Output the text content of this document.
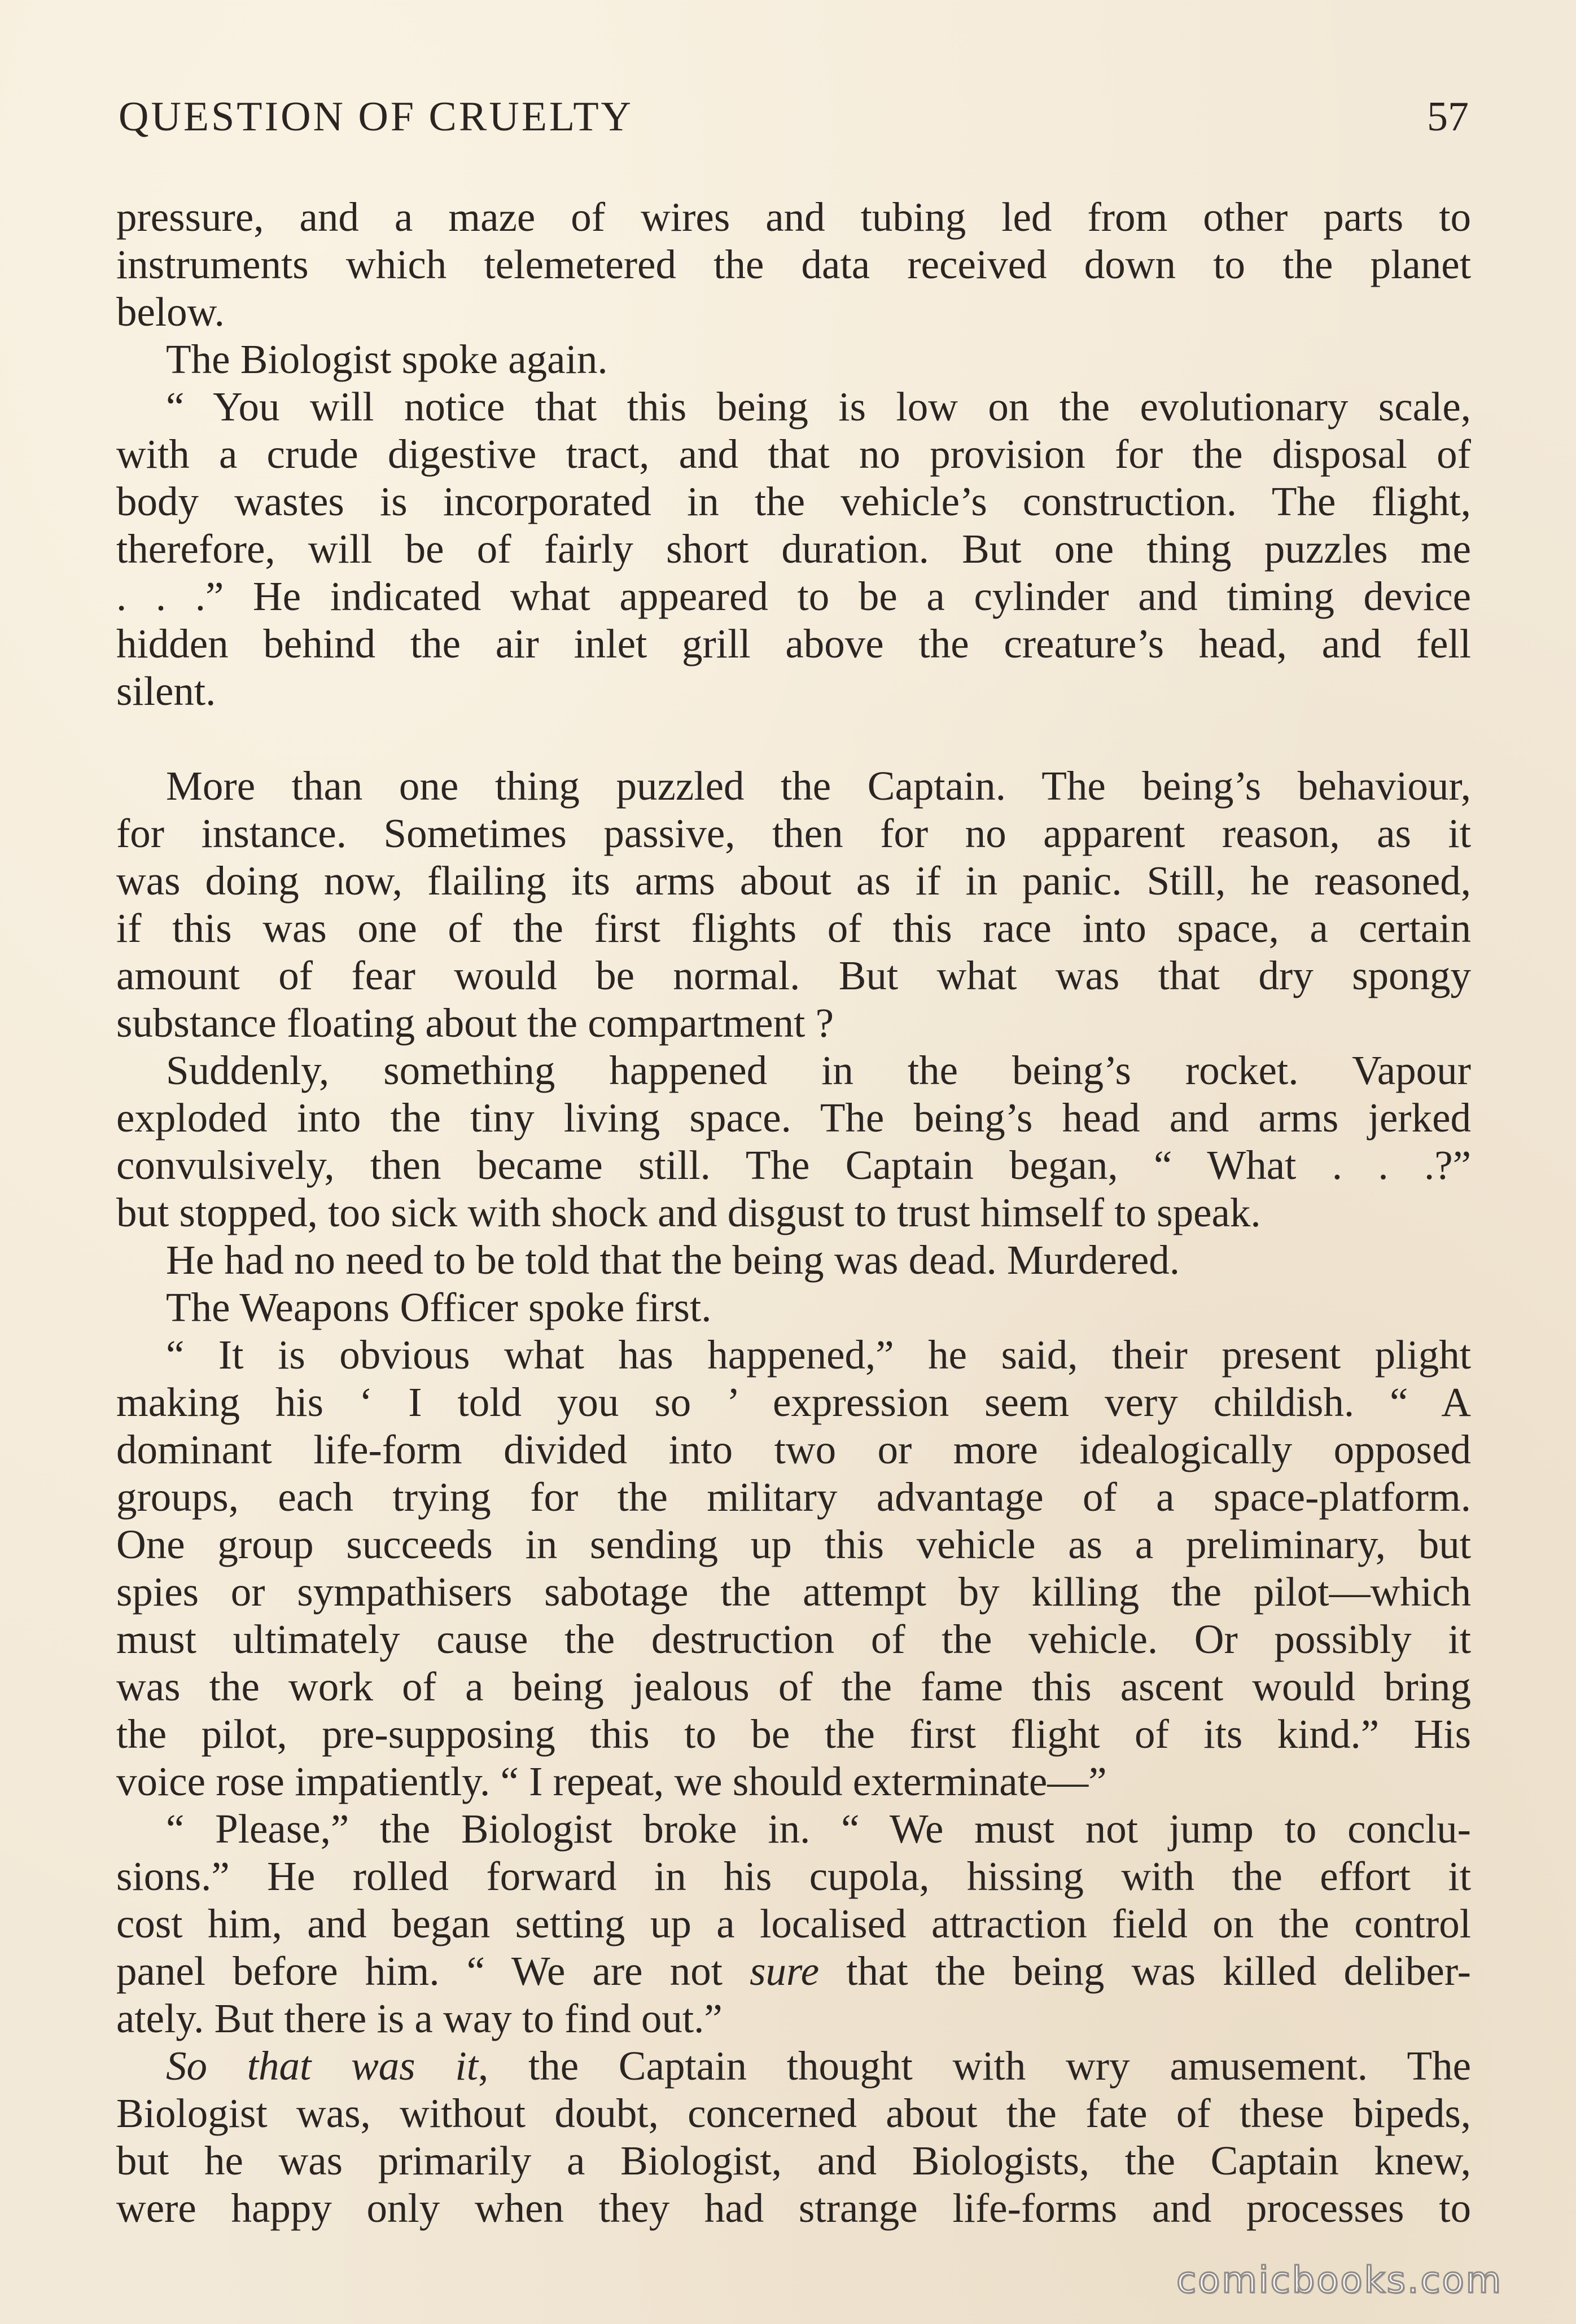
QUESTION OF CRUELTY	57
pressure, and a maze of wires and tubing led from other parts to
instruments which telemetered the data received down to the planet
below.
The Biologist spoke again.
“ You will notice that this being is low on the evolutionary scale,
with a crude digestive tract, and that no provision for the disposal of
body wastes is incorporated in the vehicle’s construction. The flight,
therefore, will be of fairly short duration. But one thing puzzles me
. . .” He indicated what appeared to be a cylinder and timing device
hidden behind the air inlet grill above the creature’s head, and fell
silent.
More than one thing puzzled the Captain. The being’s behaviour,
for instance. Sometimes passive, then for no apparent reason, as it
was doing now, flailing its arms about as if in panic. Still, he reasoned,
if this was one of the first flights of this race into space, a certain
amount of fear would be normal. But what was that dry spongy
substance floating about the compartment ?
Suddenly, something happened in the being’s rocket. Vapour
exploded into the tiny living space. The being’s head and arms jerked
convulsively, then became still. The Captain began, “ What . . .?”
but stopped, too sick with shock and disgust to trust himself to speak.
He had no need to be told that the being was dead. Murdered.
The Weapons Officer spoke first.
“ It is obvious what has happened,” he said, their present plight
making his ‘ I told you so ’ expression seem very childish. “ A
dominant life-form divided into two or more idealogically opposed
groups, each trying for the military advantage of a space-platform.
One group succeeds in sending up this vehicle as a preliminary, but
spies or sympathisers sabotage the attempt by killing the pilot—which
must ultimately cause the destruction of the vehicle. Or possibly it
was the work of a being jealous of the fame this ascent would bring
the pilot, pre-supposing this to be the first flight of its kind.” His
voice rose impatiently. “ I repeat, we should exterminate—”
“ Please,” the Biologist broke in. “ We must not jump to conclu-
sions.” He rolled forward in his cupola, hissing with the effort it
cost him, and began setting up a localised attraction field on the control
panel before him. “ We are not sure that the being was killed deliber-
ately. But there is a way to find out.”
So that was it, the Captain thought with wry amusement. The
Biologist was, without doubt, concerned about the fate of these bipeds,
but he was primarily a Biologist, and Biologists, the Captain knew,
were happy only when they had strange life-forms and processes to
comicbooks.com
